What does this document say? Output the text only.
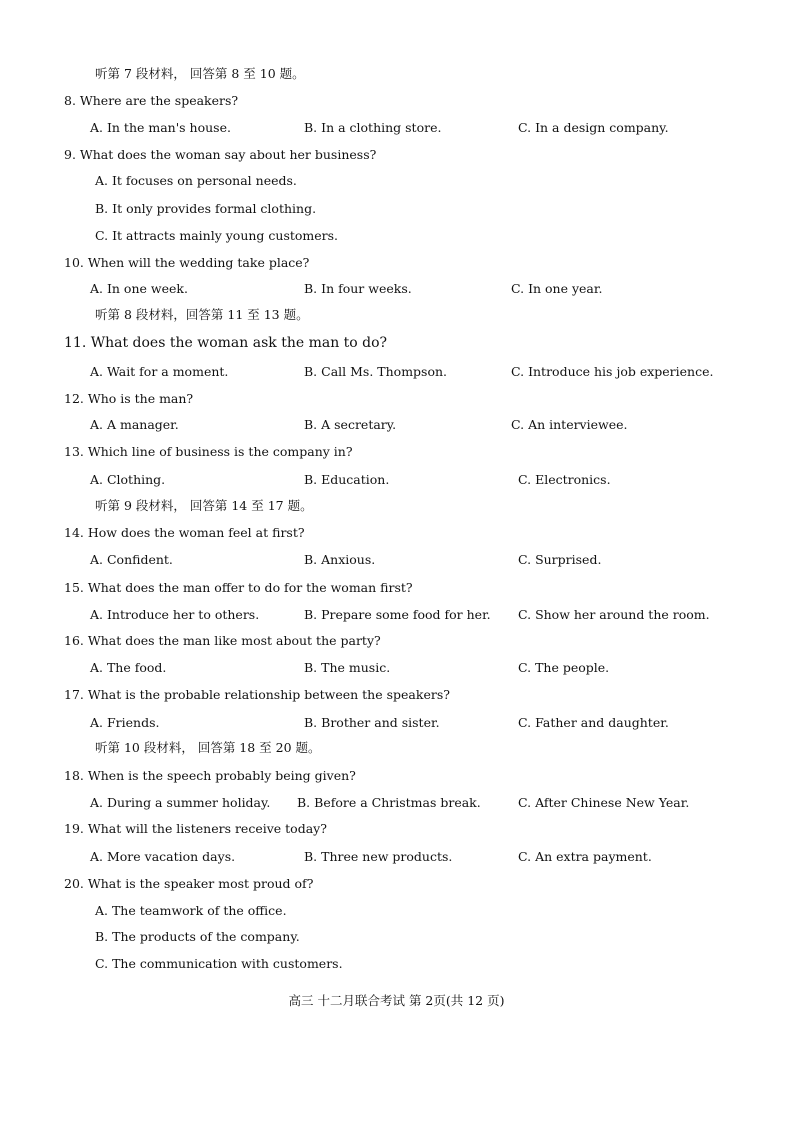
听第 7 段材料， 回答第 8 至 10 题。
8. Where are the speakers?
A. In the man's house.	B. In a clothing store.	C. In a design company.
9. What does the woman say about her business?
A. It focuses on personal needs.
B. It only provides formal clothing.
C. It attracts mainly young customers.
10. When will the wedding take place?
A. In one week.	B. In four weeks.	C. In one year.
听第 8 段材料，回答第 11 至 13 题。
11. What does the woman ask the man to do?
A. Wait for a moment.	B. Call Ms. Thompson.	C. Introduce his job experience.
12. Who is the man?
A. A manager.	B. A secretary.	C. An interviewee.
13. Which line of business is the company in?
A. Clothing.	B. Education.	C. Electronics.
听第 9 段材料， 回答第 14 至 17 题。
14. How does the woman feel at first?
A. Confident.	B. Anxious.	C. Surprised.
15. What does the man offer to do for the woman first?
A. Introduce her to others.	B. Prepare some food for her. C. Show her around the room.
16. What does the man like most about the party?
A. The food.	B. The music.	C. The people.
17. What is the probable relationship between the speakers?
A. Friends.	B. Brother and sister.	C. Father and daughter.
听第 10 段材料， 回答第 18 至 20 题。
18. When is the speech probably being given?
A. During a summer holiday. B. Before a Christmas break.	C. After Chinese New Year.
19. What will the listeners receive today?
A. More vacation days.	B. Three new products.	C. An extra payment.
20. What is the speaker most proud of?
A. The teamwork of the office.
B. The products of the company.
C. The communication with customers.
高三 十二月联合考试 第 2页(共 12 页)
